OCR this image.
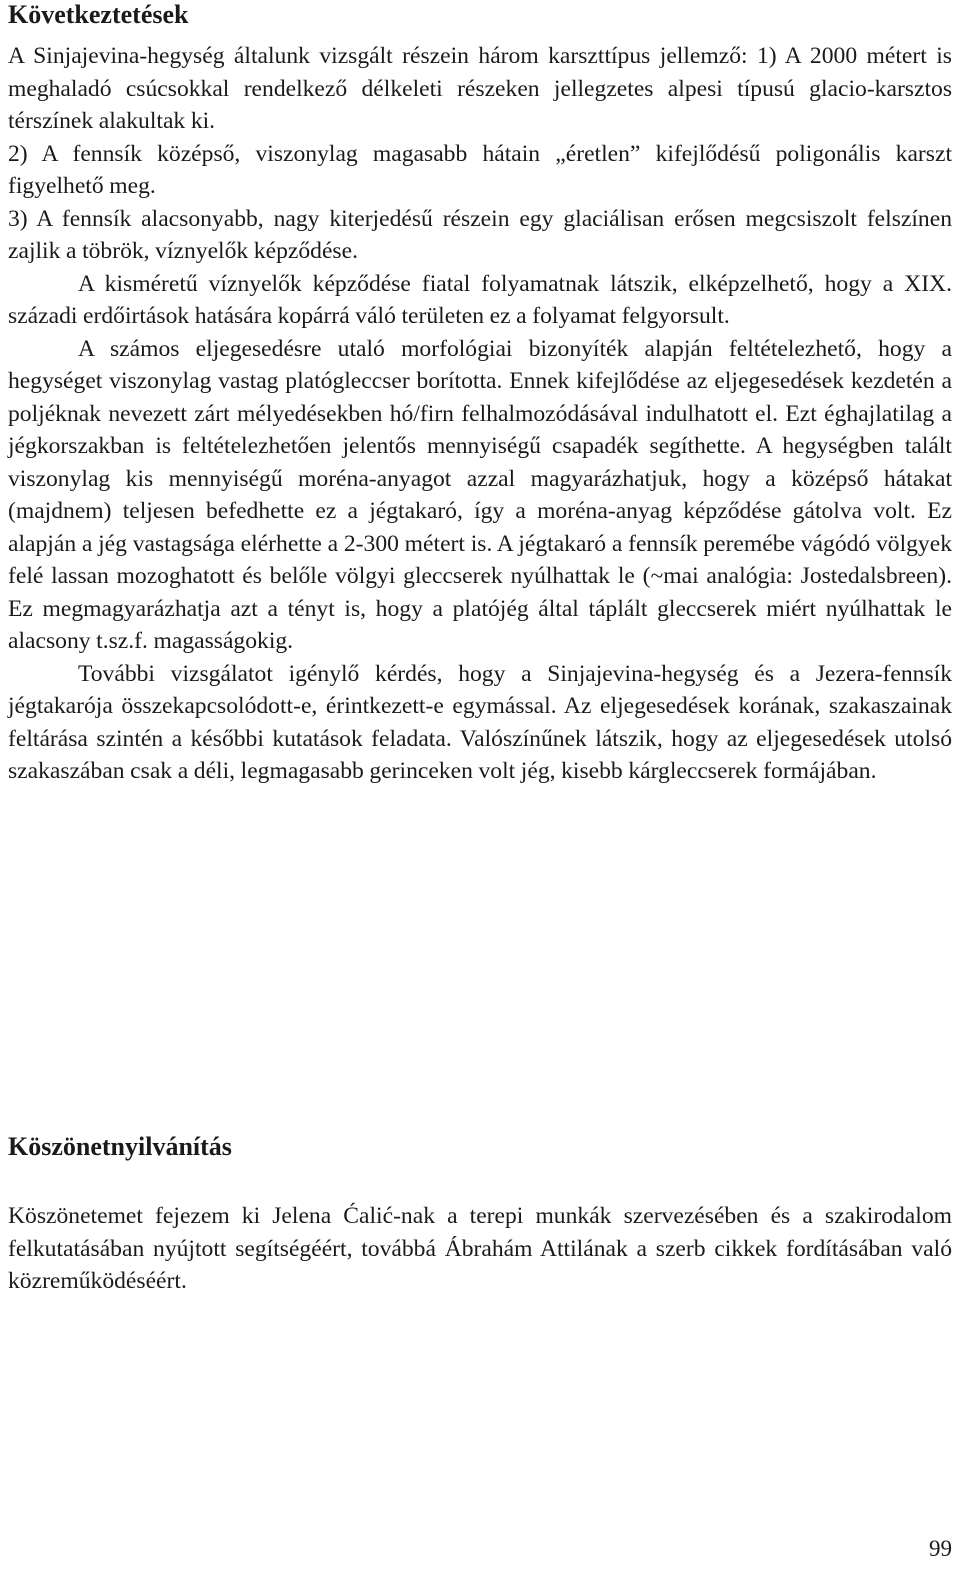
Következtetések
A Sinjajevina-hegység általunk vizsgált részein három karszttípus jellemző: 1) A 2000 métert is meghaladó csúcsokkal rendelkező délkeleti részeken jellegzetes alpesi típusú glacio-karsztos térszínek alakultak ki.
2) A fennsík középső, viszonylag magasabb hátain „éretlen” kifejlődésű poligonális karszt figyelhető meg.
3) A fennsík alacsonyabb, nagy kiterjedésű részein egy glaciálisan erősen megcsiszolt felszínen zajlik a töbrök, víznyelők képződése.
A kisméretű víznyelők képződése fiatal folyamatnak látszik, elképzelhető, hogy a XIX. századi erdőirtások hatására kopárrá váló területen ez a folyamat felgyorsult.
A számos eljegesedésre utaló morfológiai bizonyíték alapján feltételezhető, hogy a hegységet viszonylag vastag platógleccser borította. Ennek kifejlődése az eljegesedések kezdetén a poljéknak nevezett zárt mélyedésekben hó/firn felhalmozódásával indulhatott el. Ezt éghajlatilag a jégkorszakban is feltételezhetően jelentős mennyiségű csapadék segíthette. A hegységben talált viszonylag kis mennyiségű moréna-anyagot azzal magyarázhatjuk, hogy a középső hátakat (majdnem) teljesen befedhette ez a jégtakaró, így a moréna-anyag képződése gátolva volt. Ez alapján a jég vastagsága elérhette a 2-300 métert is. A jégtakaró a fennsík peremébe vágódó völgyek felé lassan mozoghatott és belőle völgyi gleccserek nyúlhattak le (~mai analógia: Jostedalsbreen). Ez megmagyarázhatja azt a tényt is, hogy a platójég által táplált gleccserek miért nyúlhattak le alacsony t.sz.f. magasságokig.
További vizsgálatot igénylő kérdés, hogy a Sinjajevina-hegység és a Jezera-fennsík jégtakarója összekapcsolódott-e, érintkezett-e egymással. Az eljegesedések korának, szakaszainak feltárása szintén a későbbi kutatások feladata. Valószínűnek látszik, hogy az eljegesedések utolsó szakaszában csak a déli, legmagasabb gerinceken volt jég, kisebb kárgleccserek formájában.
Köszönetnyilvánítás
Köszönetemet fejezem ki Jelena Ćalić-nak a terepi munkák szervezésében és a szakirodalom felkutatásában nyújtott segítségéért, továbbá Ábrahám Attilának a szerb cikkek fordításában való közreműködéséért.

99
